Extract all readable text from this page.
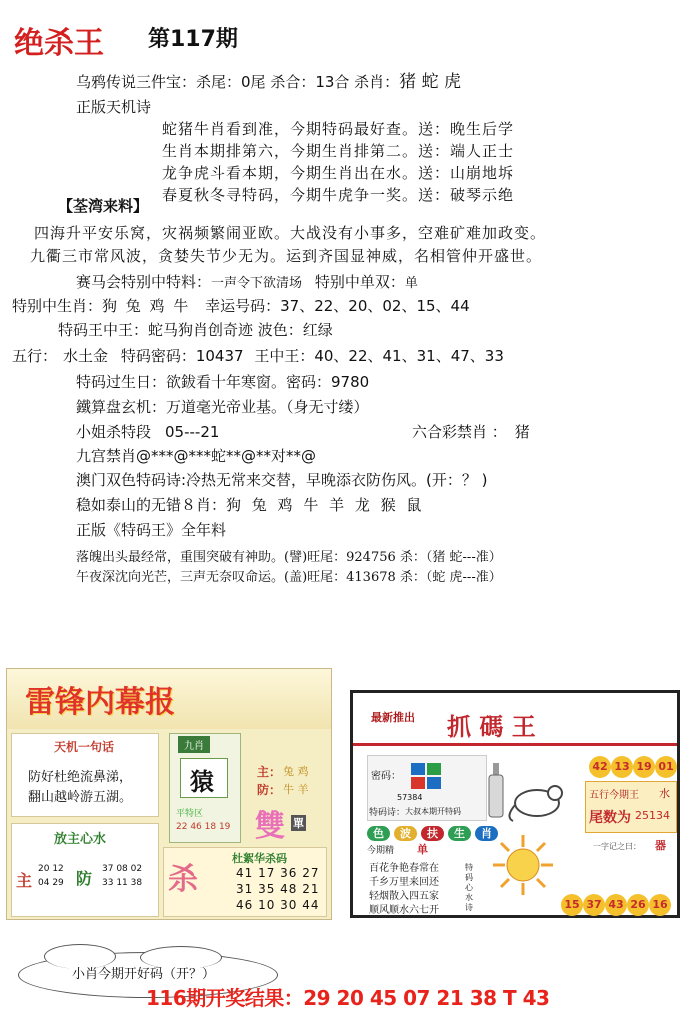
绝杀王 第117期
乌鸦传说三件宝：杀尾：0尾 杀合：13合 杀肖：猪 蛇 虎
正版天机诗
蛇猪牛肖看到准，今期特码最好查。送：晚生后学
生肖本期排第六，今期生肖排第二。送：端人正士
龙争虎斗看本期，今期生肖出在水。送：山崩地坼
春夏秋冬寻特码，今期牛虎争一奖。送：破琴示绝
【荃湾来料】
四海升平安乐窝，灾祸频繁闹亚欧。大战没有小事多，空难矿难加政变。
九衢三市常风波，贪婪失节少无为。运到齐国显神威，名相管仲开盛世。
赛马会特别中特料：一声令下欲清场 特别中单双：单
特别中生肖：狗 兔 鸡 牛 幸运号码：37、22、20、02、15、44
特码王中王：蛇马狗肖创奇迹 波色：红绿
五行： 水土金 特码密码：10437 王中王：40、22、41、31、47、33
特码过生日：欲鈸看十年寒窗。密码：9780
鐵算盘玄机：万道毫光帝业基。（身无寸缕）
小姐杀特段 05---21	六合彩禁肖 ： 猪
九宫禁肖@***@***蛇**@**对**@
澳门双色特码诗:冷热无常来交替，早晚添衣防伤风。(开：？ )
稳如泰山的无错８肖：狗 兔 鸡 牛 羊 龙 猴 鼠
正版《特码王》全年料
落魄出头最经常，重围突破有神助。(譬)旺尾：924756 杀：（猪 蛇---准）
午夜深沈向光芒，三声无奈叹命运。(盖)旺尾：413678 杀：（蛇 虎---准）
雷锋内幕报
天机一句话
防好杜绝流鼻涕，
翻山越岭游五湖。
九肖
猿
平特区
22 46 18 19
主： 兔 鸡
防： 牛 羊
雙 單
放主心水
主
20 12
04 29 防 37 08 02
33 11 38 杀
杜絮华杀码
41 17 36 27
31 35 48 21
46 10 30 44
最新推出 抓 碼 王
42 13 19 01
五行今期王 水
尾数为 25134
密码：
57384
特码诗： 大叔本期开特码
色 波 扶 生 肖
今期精 单
百花争艳春常在
千乡万里来回还
轻烟散入四五家
顺风顺水六七开
特码心水诗
一字记之曰： 器
15 37 43 26 16
小肖今期开好码（开？）
116期开奖结果：29 20 45 07 21 38 T 43
